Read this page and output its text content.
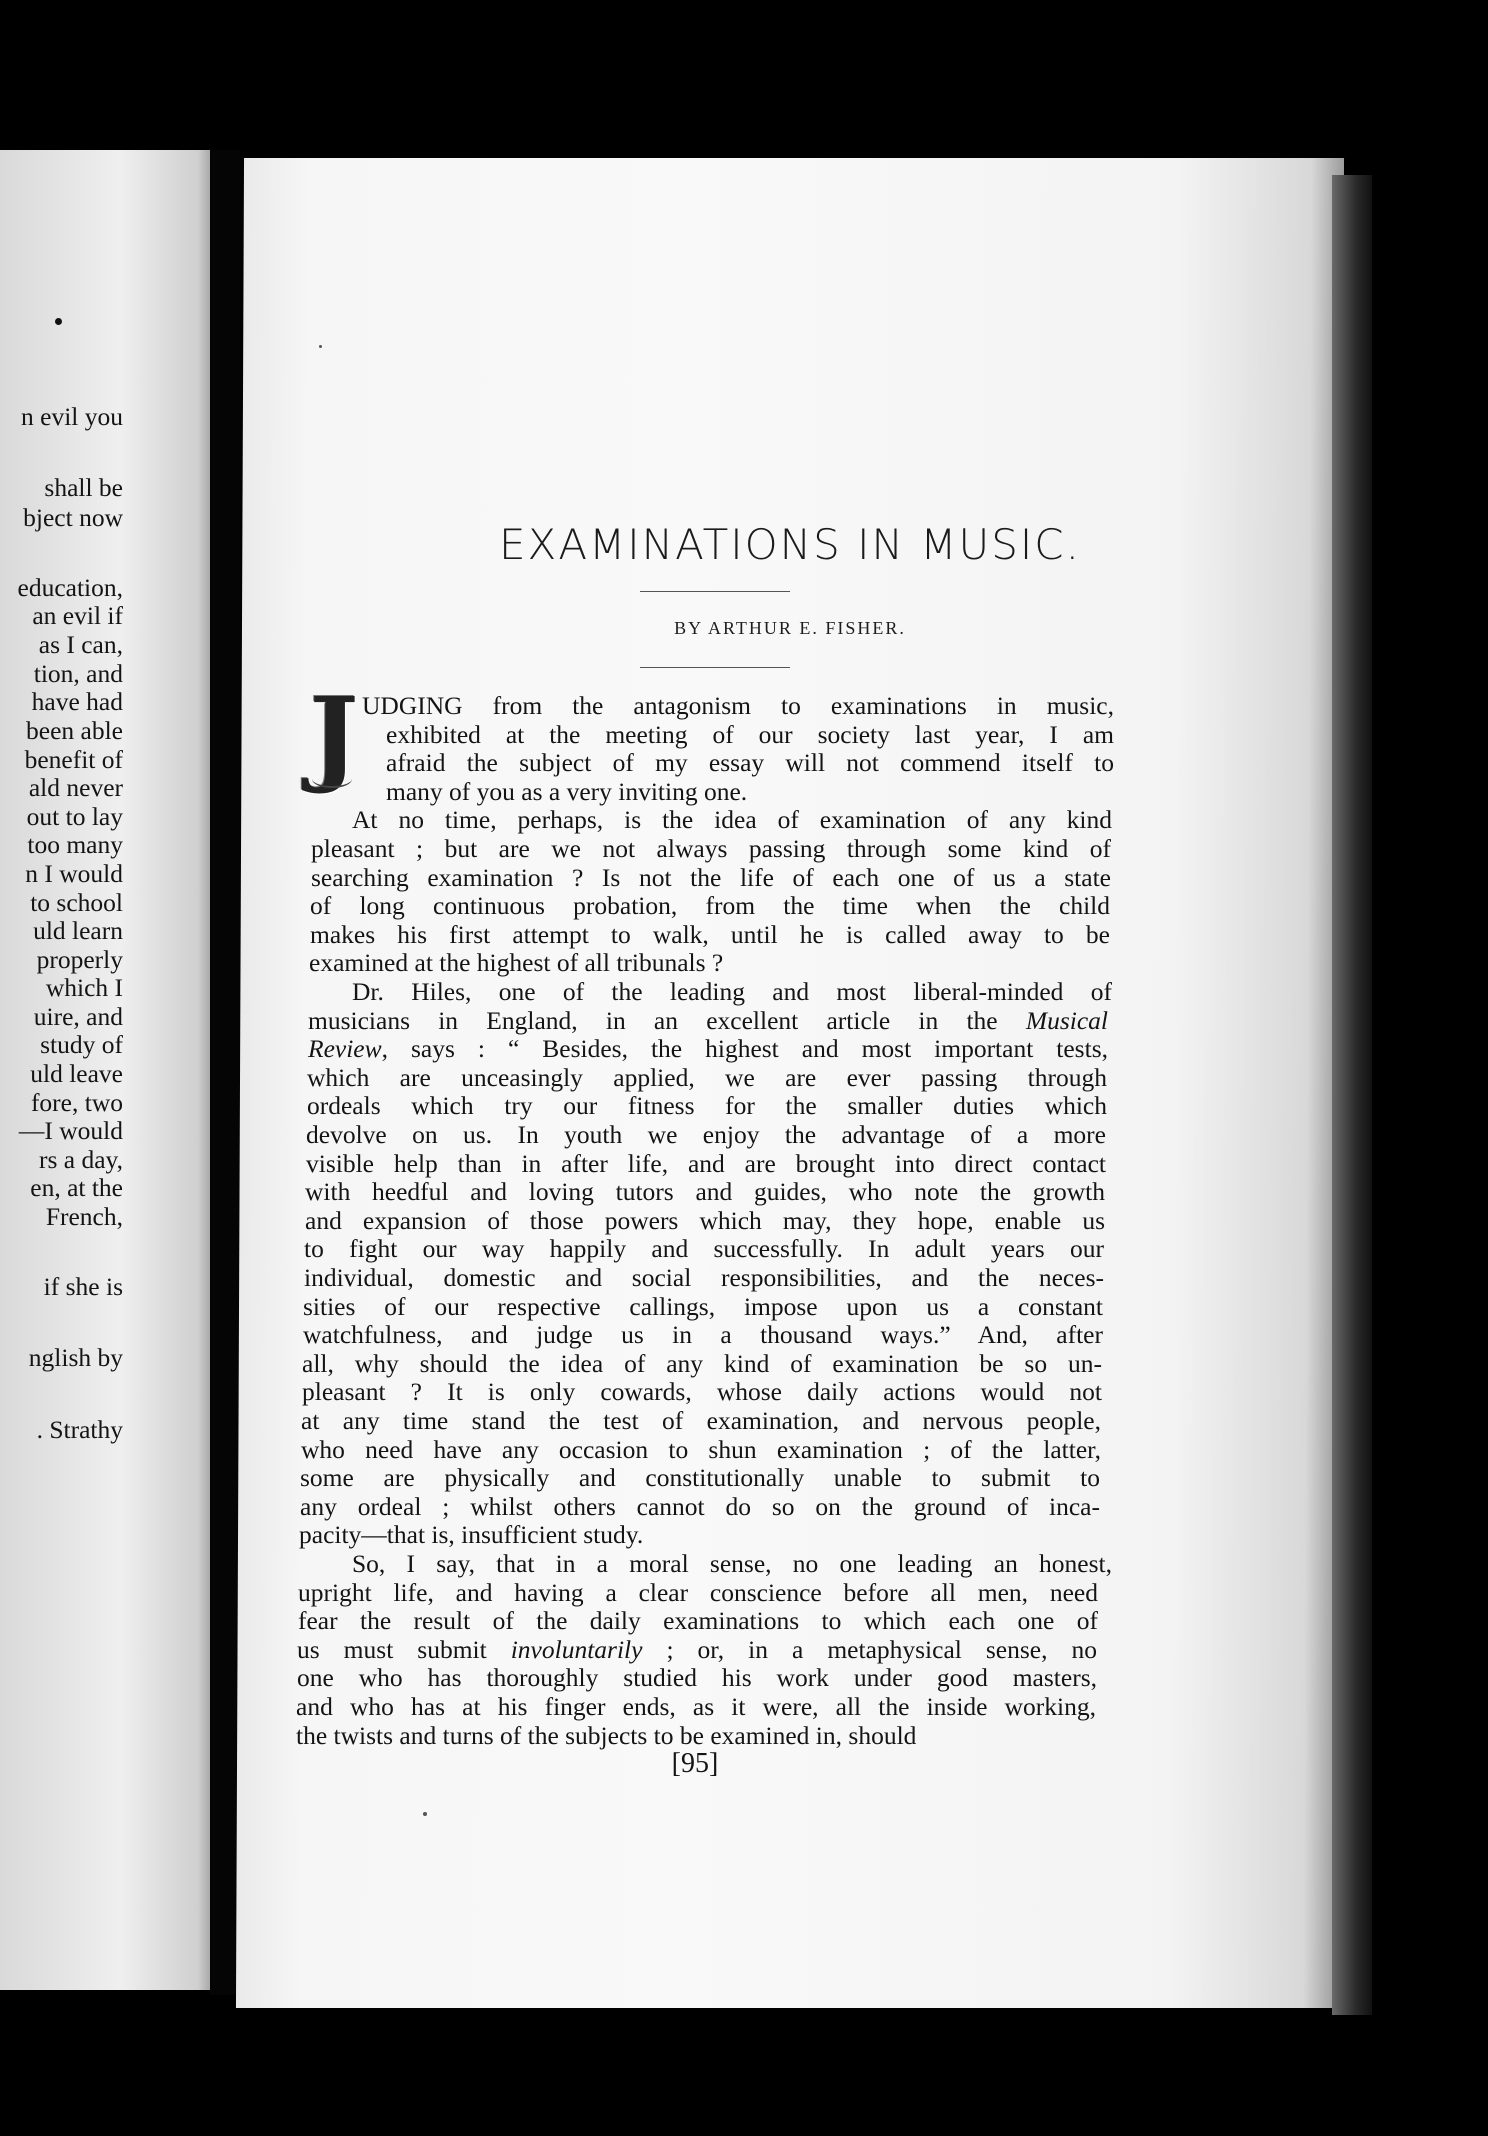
n evil you
shall be
bject now
education,
an evil if
as I can,
tion, and
have had
been able
benefit of
ald never
out to lay
too many
n I would
to school
uld learn
properly
which I
uire, and
study of
uld leave
fore, two
—I would
rs a day,
en, at the
French,
if she is
nglish by
. Strathy
EXAMINATIONS IN MUSIC.
BY ARTHUR E. FISHER.
J UDGING from the antagonism to examinations in music,
exhibited at the meeting of our society last year, I am
afraid the subject of my essay will not commend itself to
many of you as a very inviting one.
At no time, perhaps, is the idea of examination of any kind
pleasant ; but are we not always passing through some kind of
searching examination ? Is not the life of each one of us a state
of long continuous probation, from the time when the child
makes his first attempt to walk, until he is called away to be
examined at the highest of all tribunals ?
Dr. Hiles, one of the leading and most liberal-minded of
musicians in England, in an excellent article in the Musical
Review, says : “ Besides, the highest and most important tests,
which are unceasingly applied, we are ever passing through
ordeals which try our fitness for the smaller duties which
devolve on us. In youth we enjoy the advantage of a more
visible help than in after life, and are brought into direct contact
with heedful and loving tutors and guides, who note the growth
and expansion of those powers which may, they hope, enable us
to fight our way happily and successfully. In adult years our
individual, domestic and social responsibilities, and the neces-
sities of our respective callings, impose upon us a constant
watchfulness, and judge us in a thousand ways.” And, after
all, why should the idea of any kind of examination be so un-
pleasant ? It is only cowards, whose daily actions would not
at any time stand the test of examination, and nervous people,
who need have any occasion to shun examination ; of the latter,
some are physically and constitutionally unable to submit to
any ordeal ; whilst others cannot do so on the ground of inca-
pacity—that is, insufficient study.
So, I say, that in a moral sense, no one leading an honest,
upright life, and having a clear conscience before all men, need
fear the result of the daily examinations to which each one of
us must submit involuntarily ; or, in a metaphysical sense, no
one who has thoroughly studied his work under good masters,
and who has at his finger ends, as it were, all the inside working,
the twists and turns of the subjects to be examined in, should
[95]
